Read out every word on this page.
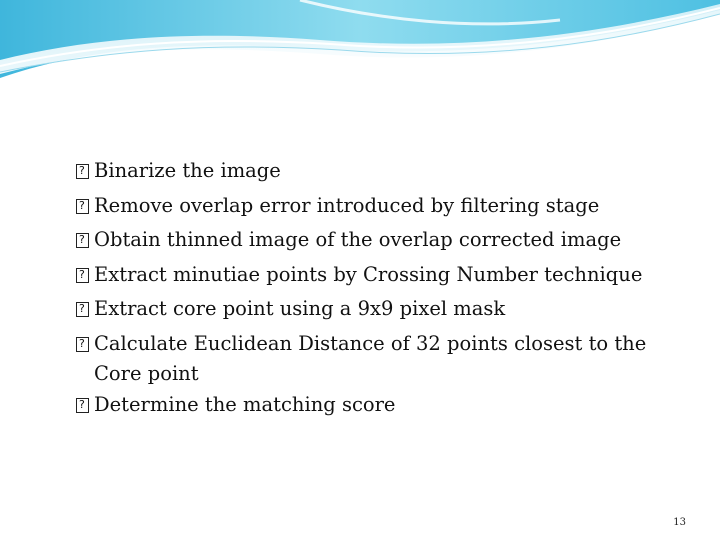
?
Binarize the image
?
Remove overlap error introduced by filtering stage
?
Obtain thinned image of the overlap corrected image
?
Extract minutiae points by Crossing Number technique
?
Extract core point using a 9x9 pixel mask
?
Calculate Euclidean Distance of 32 points closest to the
Core point
?
Determine the matching score
13
